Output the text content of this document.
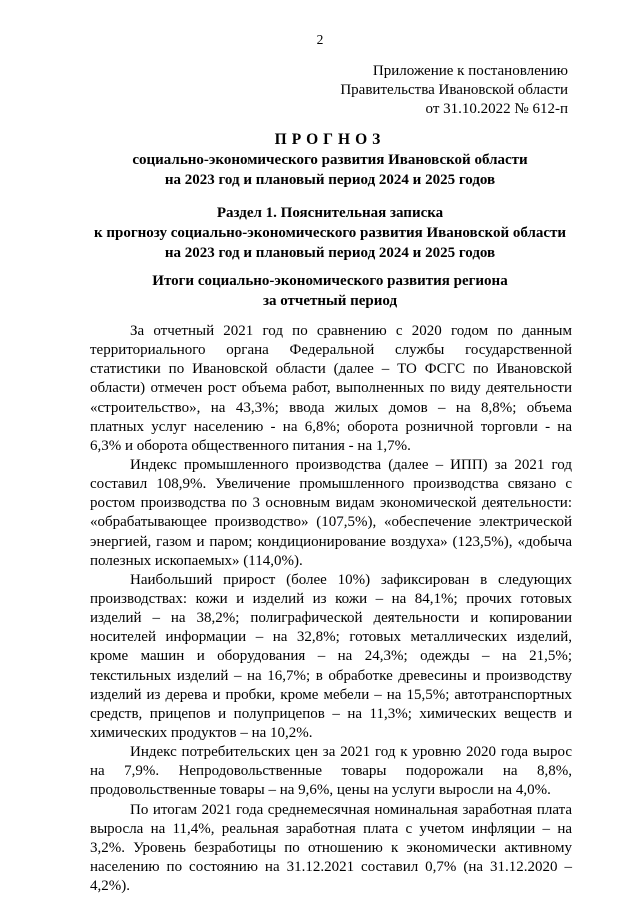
2
Приложение к постановлению
Правительства Ивановской области
от 31.10.2022 № 612-п
ПРОГНОЗ
социально-экономического развития Ивановской области
на 2023 год и плановый период 2024 и 2025 годов
Раздел 1. Пояснительная записка
к прогнозу социально-экономического развития Ивановской области
на 2023 год и плановый период 2024 и 2025 годов
Итоги социально-экономического развития региона
за отчетный период
За отчетный 2021 год по сравнению с 2020 годом по данным
территориального органа Федеральной службы государственной
статистики по Ивановской области (далее – ТО ФСГС по Ивановской
области) отмечен рост объема работ, выполненных по виду деятельности
«строительство», на 43,3%; ввода жилых домов – на 8,8%; объема
платных услуг населению - на 6,8%; оборота розничной торговли - на
6,3% и оборота общественного питания - на 1,7%.
Индекс промышленного производства (далее – ИПП) за 2021 год
составил 108,9%. Увеличение промышленного производства связано с
ростом производства по 3 основным видам экономической деятельности:
«обрабатывающее производство» (107,5%), «обеспечение электрической
энергией, газом и паром; кондиционирование воздуха» (123,5%), «добыча
полезных ископаемых» (114,0%).
Наибольший прирост (более 10%) зафиксирован в следующих
производствах: кожи и изделий из кожи – на 84,1%; прочих готовых
изделий – на 38,2%; полиграфической деятельности и копировании
носителей информации – на 32,8%; готовых металлических изделий,
кроме машин и оборудования – на 24,3%; одежды – на 21,5%;
текстильных изделий – на 16,7%; в обработке древесины и производству
изделий из дерева и пробки, кроме мебели – на 15,5%; автотранспортных
средств, прицепов и полуприцепов – на 11,3%; химических веществ и
химических продуктов – на 10,2%.
Индекс потребительских цен за 2021 год к уровню 2020 года вырос
на 7,9%. Непродовольственные товары подорожали на 8,8%,
продовольственные товары – на 9,6%, цены на услуги выросли на 4,0%.
По итогам 2021 года среднемесячная номинальная заработная плата
выросла на 11,4%, реальная заработная плата с учетом инфляции – на
3,2%. Уровень безработицы по отношению к экономически активному
населению по состоянию на 31.12.2021 составил 0,7% (на 31.12.2020 –
4,2%).
